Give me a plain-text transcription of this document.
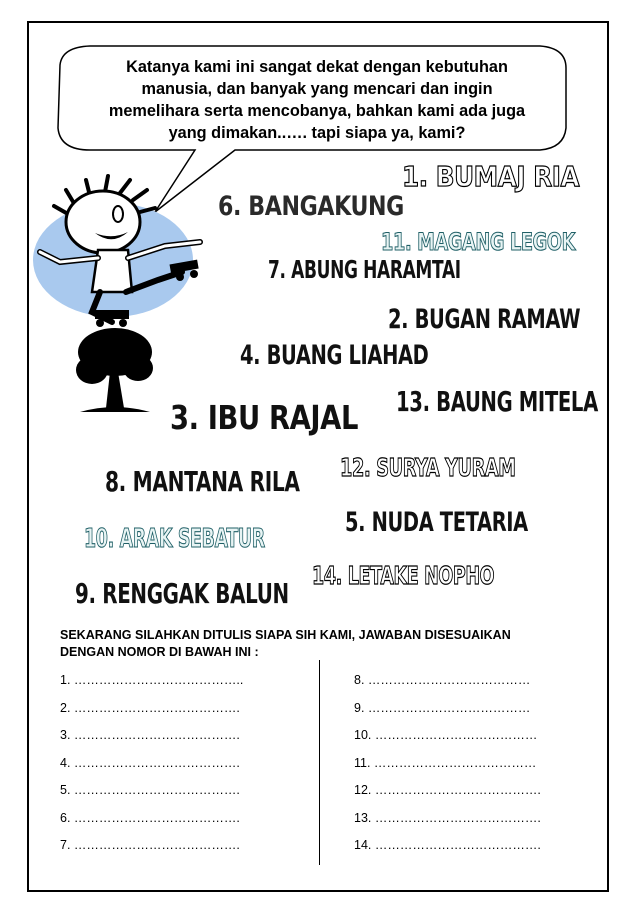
Katanya kami ini sangat dekat dengan kebutuhan
manusia, dan banyak yang mencari dan ingin
memelihara serta mencobanya, bahkan kami ada juga
yang dimakan..…. tapi siapa ya, kami?
1. BUMAJ RIA
6. BANGAKUNG
11. MAGANG LEGOK
7. ABUNG HARAMTAI
2. BUGAN RAMAW
4. BUANG LIAHAD
13. BAUNG MITELA
3. IBU RAJAL
12. SURYA YURAM
8. MANTANA RILA
5. NUDA TETARIA
10. ARAK SEBATUR
14. LETAKE NOPHO
9. RENGGAK BALUN
SEKARANG SILAHKAN DITULIS SIAPA SIH KAMI, JAWABAN DISESUAIKAN
DENGAN NOMOR DI BAWAH INI :
1. …………………………………..
2. ………………………………….
3. ………………………………….
4. ………………………………….
5. ………………………………….
6. ………………………………….
7. ………………………………….
8. …………………………………
9. …………………………………
10. …………………………………
11. …………………………………
12. ………………………………….
13. ………………………………….
14. ………………………………….
